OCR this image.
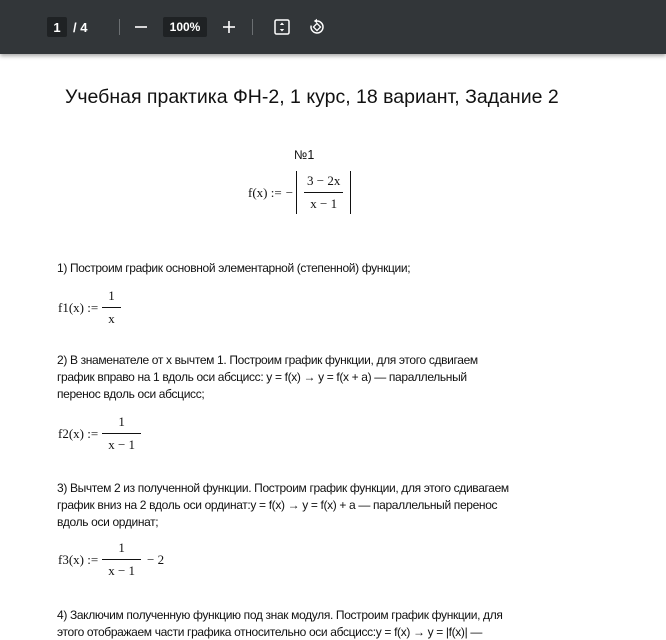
1 / 4	100%
Учебная практика ФН-2, 1 курс, 18 вариант, Задание 2
№1
f(x) := − $\frac{3 - 2x}{x - 1}$
1) Построим график основной элементарной (степенной) функции;
f1(x) := $\frac{1}{x}$
2) В знаменателе от x вычтем 1. Построим график функции, для этого сдвигаем
график вправо на 1 вдоль оси абсцисс: y = f(x) → y = f(x + a) — параллельный
перенос вдоль оси абсцисс;
f2(x) := $\frac{1}{x - 1}$
3) Вычтем 2 из полученной функции. Построим график функции, для этого сдивагаем
график вниз на 2 вдоль оси ординат:y = f(x) → y = f(x) + a — параллельный перенос
вдоль оси ординат;
f3(x) := $\frac{1}{x - 1} - 2$
4) Заключим полученную функцию под знак модуля. Построим график функции, для
этого отображаем части графика относительно оси абсцисс:y = f(x) → y = |f(x)| —
